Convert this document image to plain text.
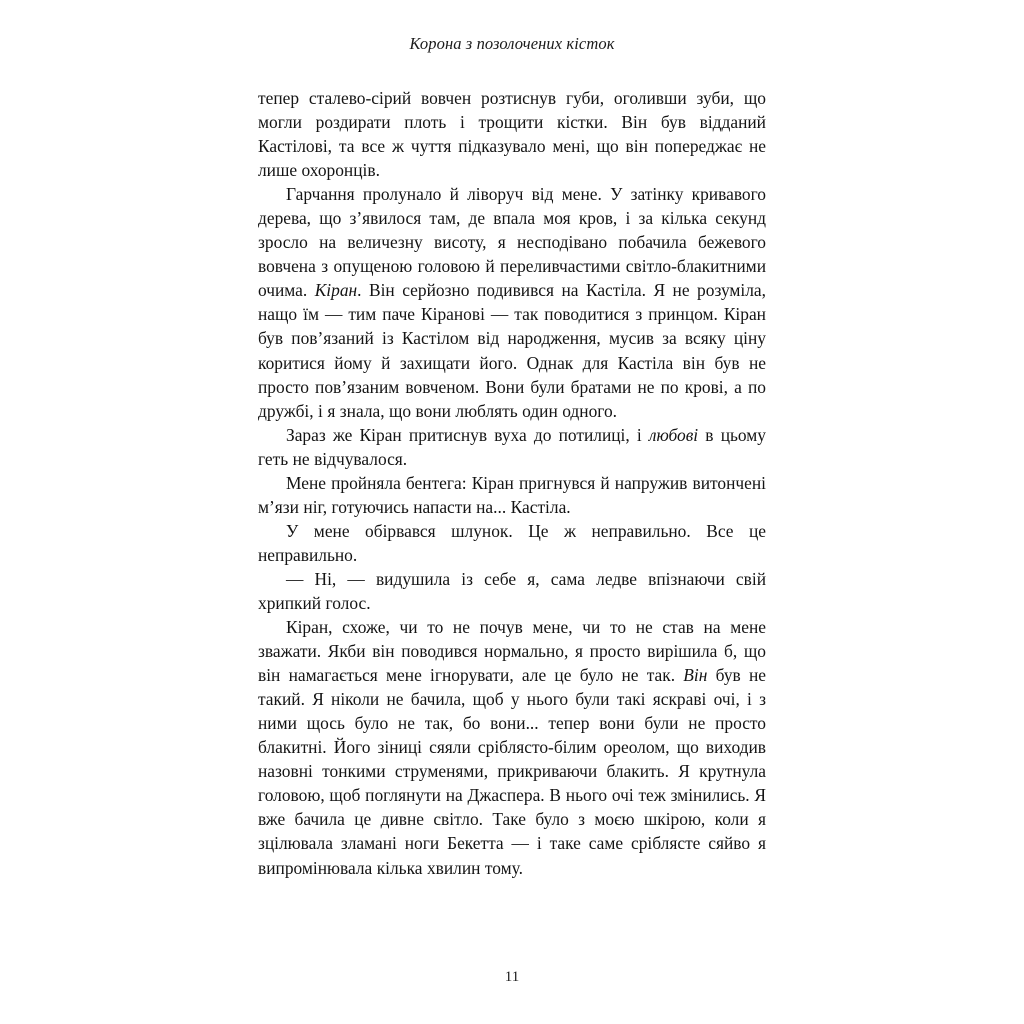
Корона з позолочених кісток

тепер сталево-сірий вовчен розтиснув губи, оголивши зуби, що могли роздирати плоть і трощити кістки. Він був відданий Кастілові, та все ж чуття підказувало мені, що він попереджає не лише охоронців.

Гарчання пролунало й ліворуч від мене. У затінку кривавого дерева, що з’явилося там, де впала моя кров, і за кілька секунд зросло на величезну висоту, я несподівано побачила бежевого вовчена з опущеною головою й переливчастими світло-блакитними очима. Кіран. Він серйозно подивився на Кастіла. Я не розуміла, нащо їм — тим паче Кіранові — так поводитися з принцом. Кіран був пов’язаний із Кастілом від народження, мусив за всяку ціну коритися йому й захищати його. Однак для Кастіла він був не просто пов’язаним вовченом. Вони були братами не по крові, а по дружбі, і я знала, що вони люблять один одного.

Зараз же Кіран притиснув вуха до потилиці, і любові в цьому геть не відчувалося.

Мене пройняла бентега: Кіран пригнувся й напружив витончені м’язи ніг, готуючись напасти на... Кастіла.

У мене обірвався шлунок. Це ж неправильно. Все це неправильно.

— Ні, — видушила із себе я, сама ледве впізнаючи свій хрипкий голос.

Кіран, схоже, чи то не почув мене, чи то не став на мене зважати. Якби він поводився нормально, я просто вирішила б, що він намагається мене ігнорувати, але це було не так. Він був не такий. Я ніколи не бачила, щоб у нього були такі яскраві очі, і з ними щось було не так, бо вони... тепер вони були не просто блакитні. Його зіниці сяяли сріблясто-білим ореолом, що виходив назовні тонкими струменями, прикриваючи блакить. Я крутнула головою, щоб поглянути на Джаспера. В нього очі теж змінились. Я вже бачила це дивне світло. Таке було з моєю шкірою, коли я зцілювала зламані ноги Бекетта — і таке саме сріблясте сяйво я випромінювала кілька хвилин тому.

11
